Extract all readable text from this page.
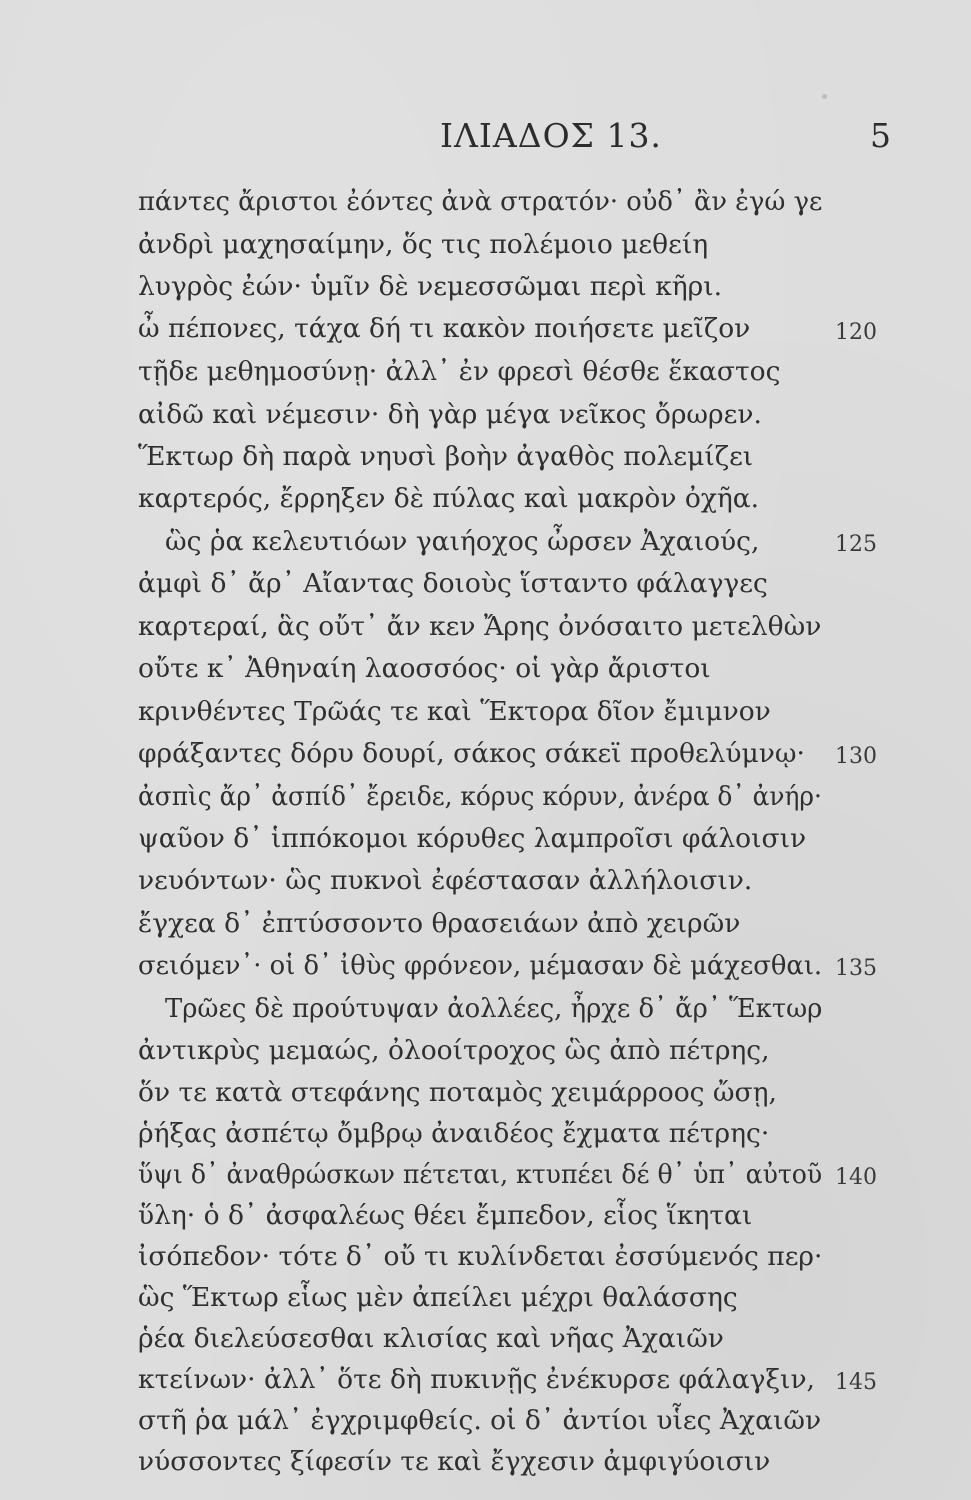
ΙΛΙΑΔΟΣ 13.	5
πάντες ἄριστοι ἐόντες ἀνὰ στρατόν· οὐδ᾽ ἂν ἐγώ γε
ἀνδρὶ μαχησαίμην, ὅς τις πολέμοιο μεθείη
λυγρὸς ἐών· ὑμῖν δὲ νεμεσσῶμαι περὶ κῆρι.
ὦ πέπονες, τάχα δή τι κακὸν ποιήσετε μεῖζον
τῇδε μεθημοσύνῃ· ἀλλ᾽ ἐν φρεσὶ θέσθε ἕκαστος
αἰδῶ καὶ νέμεσιν· δὴ γὰρ μέγα νεῖκος ὄρωρεν.
Ἕκτωρ δὴ παρὰ νηυσὶ βοὴν ἀγαθὸς πολεμίζει
καρτερός, ἔρρηξεν δὲ πύλας καὶ μακρὸν ὀχῆα.
ὣς ῥα κελευτιόων γαιήοχος ὦρσεν Ἀχαιούς,
ἀμφὶ δ᾽ ἄρ᾽ Αἴαντας δοιοὺς ἵσταντο φάλαγγες
καρτεραί, ἃς οὔτ᾽ ἄν κεν Ἄρης ὀνόσαιτο μετελθὼν
οὔτε κ᾽ Ἀθηναίη λαοσσόος· οἱ γὰρ ἄριστοι
κρινθέντες Τρῶάς τε καὶ Ἕκτορα δῖον ἔμιμνον
φράξαντες δόρυ δουρί, σάκος σάκεϊ προθελύμνῳ·
ἀσπὶς ἄρ᾽ ἀσπίδ᾽ ἔρειδε, κόρυς κόρυν, ἀνέρα δ᾽ ἀνήρ·
ψαῦον δ᾽ ἱππόκομοι κόρυθες λαμπροῖσι φάλοισιν
νευόντων· ὣς πυκνοὶ ἐφέστασαν ἀλλήλοισιν.
ἔγχεα δ᾽ ἐπτύσσοντο θρασειάων ἀπὸ χειρῶν
σειόμεν᾽· οἱ δ᾽ ἰθὺς φρόνεον, μέμασαν δὲ μάχεσθαι.
Τρῶες δὲ προύτυψαν ἀολλέες, ἦρχε δ᾽ ἄρ᾽ Ἕκτωρ
ἀντικρὺς μεμαώς, ὀλοοίτροχος ὣς ἀπὸ πέτρης,
ὅν τε κατὰ στεφάνης ποταμὸς χειμάρροος ὤσῃ,
ῥήξας ἀσπέτῳ ὄμβρῳ ἀναιδέος ἔχματα πέτρης·
ὕψι δ᾽ ἀναθρώσκων πέτεται, κτυπέει δέ θ᾽ ὑπ᾽ αὐτοῦ
ὕλη· ὁ δ᾽ ἀσφαλέως θέει ἔμπεδον, εἷος ἵκηται
ἰσόπεδον· τότε δ᾽ οὔ τι κυλίνδεται ἐσσύμενός περ·
ὣς Ἕκτωρ εἷως μὲν ἀπείλει μέχρι θαλάσσης
ῥέα διελεύσεσθαι κλισίας καὶ νῆας Ἀχαιῶν
κτείνων· ἀλλ᾽ ὅτε δὴ πυκινῇς ἐνέκυρσε φάλαγξιν,
στῆ ῥα μάλ᾽ ἐγχριμφθείς. οἱ δ᾽ ἀντίοι υἷες Ἀχαιῶν
νύσσοντες ξίφεσίν τε καὶ ἔγχεσιν ἀμφιγύοισιν
120
125
130
135
140
145
